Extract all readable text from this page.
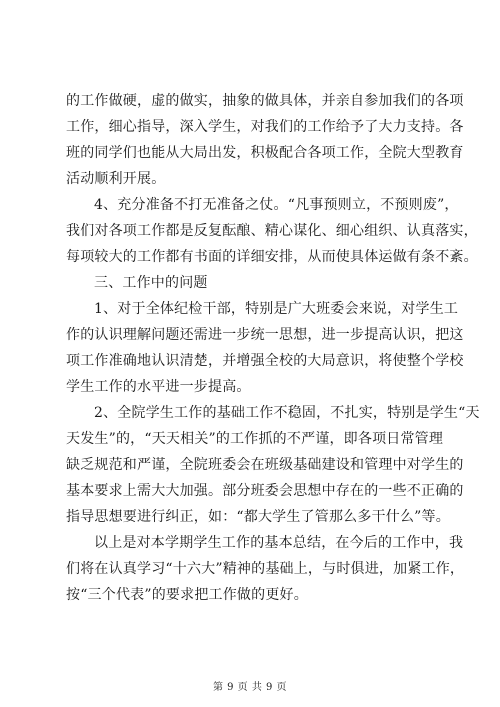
的工作做硬，虚的做实，抽象的做具体，并亲自参加我们的各项
工作，细心指导，深入学生，对我们的工作给予了大力支持。各
班的同学们也能从大局出发，积极配合各项工作，全院大型教育
活动顺利开展。

4、充分准备不打无准备之仗。“凡事预则立，不预则废”，
我们对各项工作都是反复酝酿、精心谋化、细心组织、认真落实，
每项较大的工作都有书面的详细安排，从而使具体运做有条不紊。

三、工作中的问题

1、对于全体纪检干部，特别是广大班委会来说，对学生工
作的认识理解问题还需进一步统一思想，进一步提高认识，把这
项工作准确地认识清楚，并增强全校的大局意识，将使整个学校
学生工作的水平进一步提高。

2、全院学生工作的基础工作不稳固，不扎实，特别是学生“天
天发生”的，“天天相关”的工作抓的不严谨，即各项日常管理
缺乏规范和严谨，全院班委会在班级基础建设和管理中对学生的
基本要求上需大大加强。部分班委会思想中存在的一些不正确的
指导思想要进行纠正，如：“都大学生了管那么多干什么”等。

以上是对本学期学生工作的基本总结，在今后的工作中，我
们将在认真学习“十六大”精神的基础上，与时俱进，加紧工作，
按“三个代表”的要求把工作做的更好。

第 9 页 共 9 页
